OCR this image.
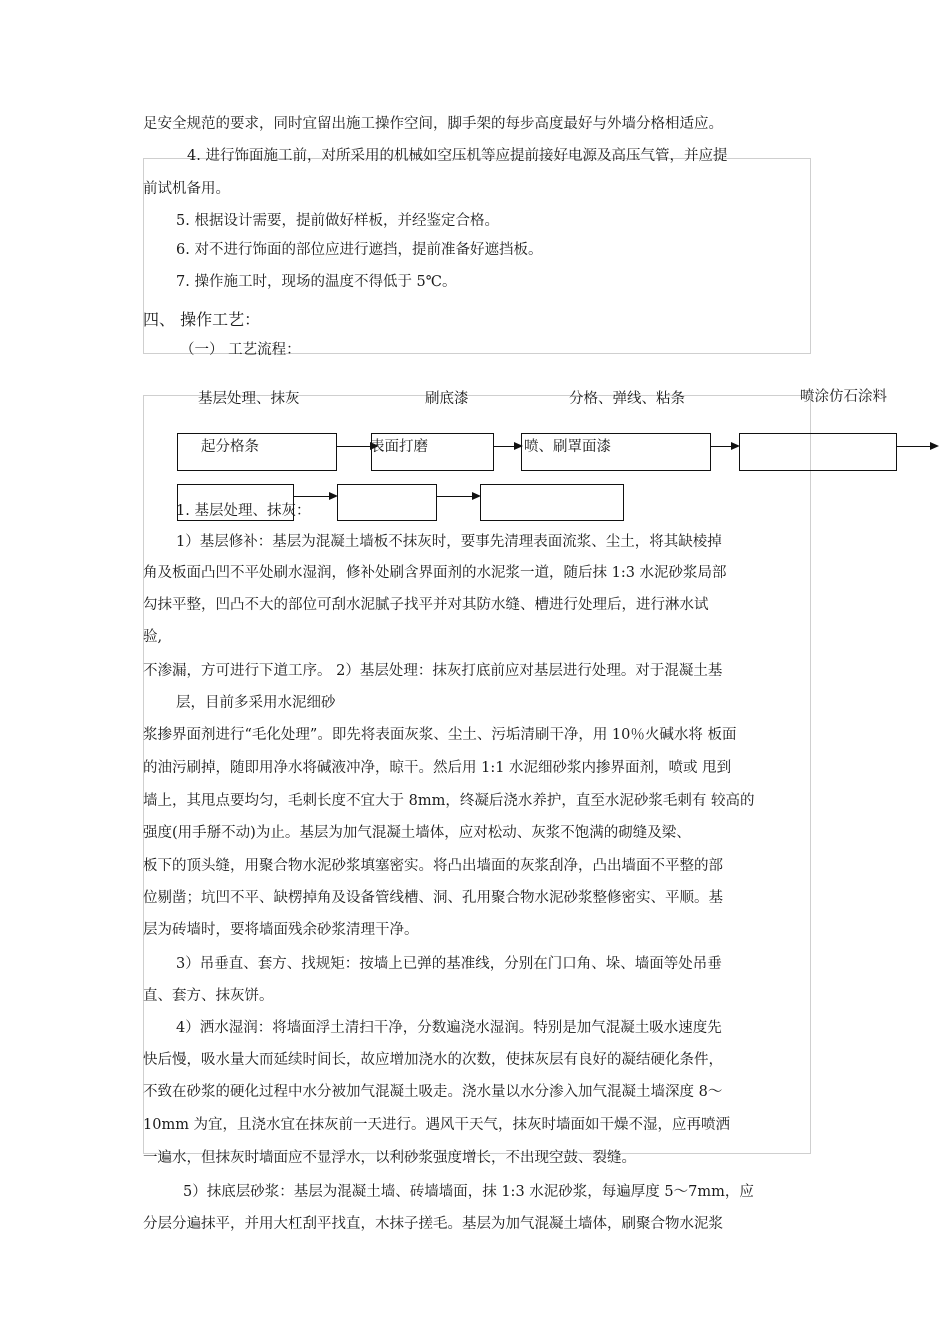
足安全规范的要求，同时宜留出施工操作空间，脚手架的每步高度最好与外墙分格相适应。
4. 进行饰面施工前，对所采用的机械如空压机等应提前接好电源及高压气管，并应提
前试机备用。
5. 根据设计需要，提前做好样板，并经鉴定合格。
6. 对不进行饰面的部位应进行遮挡，提前准备好遮挡板。
7. 操作施工时，现场的温度不得低于 5℃。
四、 操作工艺：
（一） 工艺流程：
基层处理、抹灰	刷底漆	分格、弹线、粘条	喷涂仿石涂料
起分格条	表面打磨	喷、刷罩面漆
1. 基层处理、抹灰：
1）基层修补：基层为混凝土墙板不抹灰时，要事先清理表面流浆、尘土，将其缺棱掉
角及板面凸凹不平处刷水湿润，修补处刷含界面剂的水泥浆一道，随后抹 1:3 水泥砂浆局部
勾抹平整，凹凸不大的部位可刮水泥腻子找平并对其防水缝、槽进行处理后，进行淋水试
验,
不渗漏，方可进行下道工序。 2）基层处理：抹灰打底前应对基层进行处理。对于混凝土基
层，目前多采用水泥细砂
浆掺界面剂进行“毛化处理”。即先将表面灰浆、尘土、污垢清刷干净，用 10％火碱水将 板面
的油污刷掉，随即用净水将碱液冲净，晾干。然后用 1:1 水泥细砂浆内掺界面剂，喷或 甩到
墙上，其甩点要均匀，毛刺长度不宜大于 8mm，终凝后浇水养护，直至水泥砂浆毛刺有 较高的
强度(用手掰不动)为止。基层为加气混凝土墙体，应对松动、灰浆不饱满的砌缝及梁、
板下的顶头缝，用聚合物水泥砂浆填塞密实。将凸出墙面的灰浆刮净，凸出墙面不平整的部
位剔凿；坑凹不平、缺楞掉角及设备管线槽、洞、孔用聚合物水泥砂浆整修密实、平顺。基
层为砖墙时，要将墙面残余砂浆清理干净。
3）吊垂直、套方、找规矩：按墙上已弹的基准线，分别在门口角、垛、墙面等处吊垂
直、套方、抹灰饼。
4）洒水湿润：将墙面浮土清扫干净，分数遍浇水湿润。特别是加气混凝土吸水速度先
快后慢，吸水量大而延续时间长，故应增加浇水的次数，使抹灰层有良好的凝结硬化条件，
不致在砂浆的硬化过程中水分被加气混凝土吸走。浇水量以水分渗入加气混凝土墙深度 8～
10mm 为宜，且浇水宜在抹灰前一天进行。遇风干天气，抹灰时墙面如干燥不湿，应再喷洒
一遍水，但抹灰时墙面应不显浮水，以利砂浆强度增长，不出现空鼓、裂缝。
5）抹底层砂浆：基层为混凝土墙、砖墙墙面，抹 1:3 水泥砂浆，每遍厚度 5～7mm，应
分层分遍抹平，并用大杠刮平找直，木抹子搓毛。基层为加气混凝土墙体，刷聚合物水泥浆
